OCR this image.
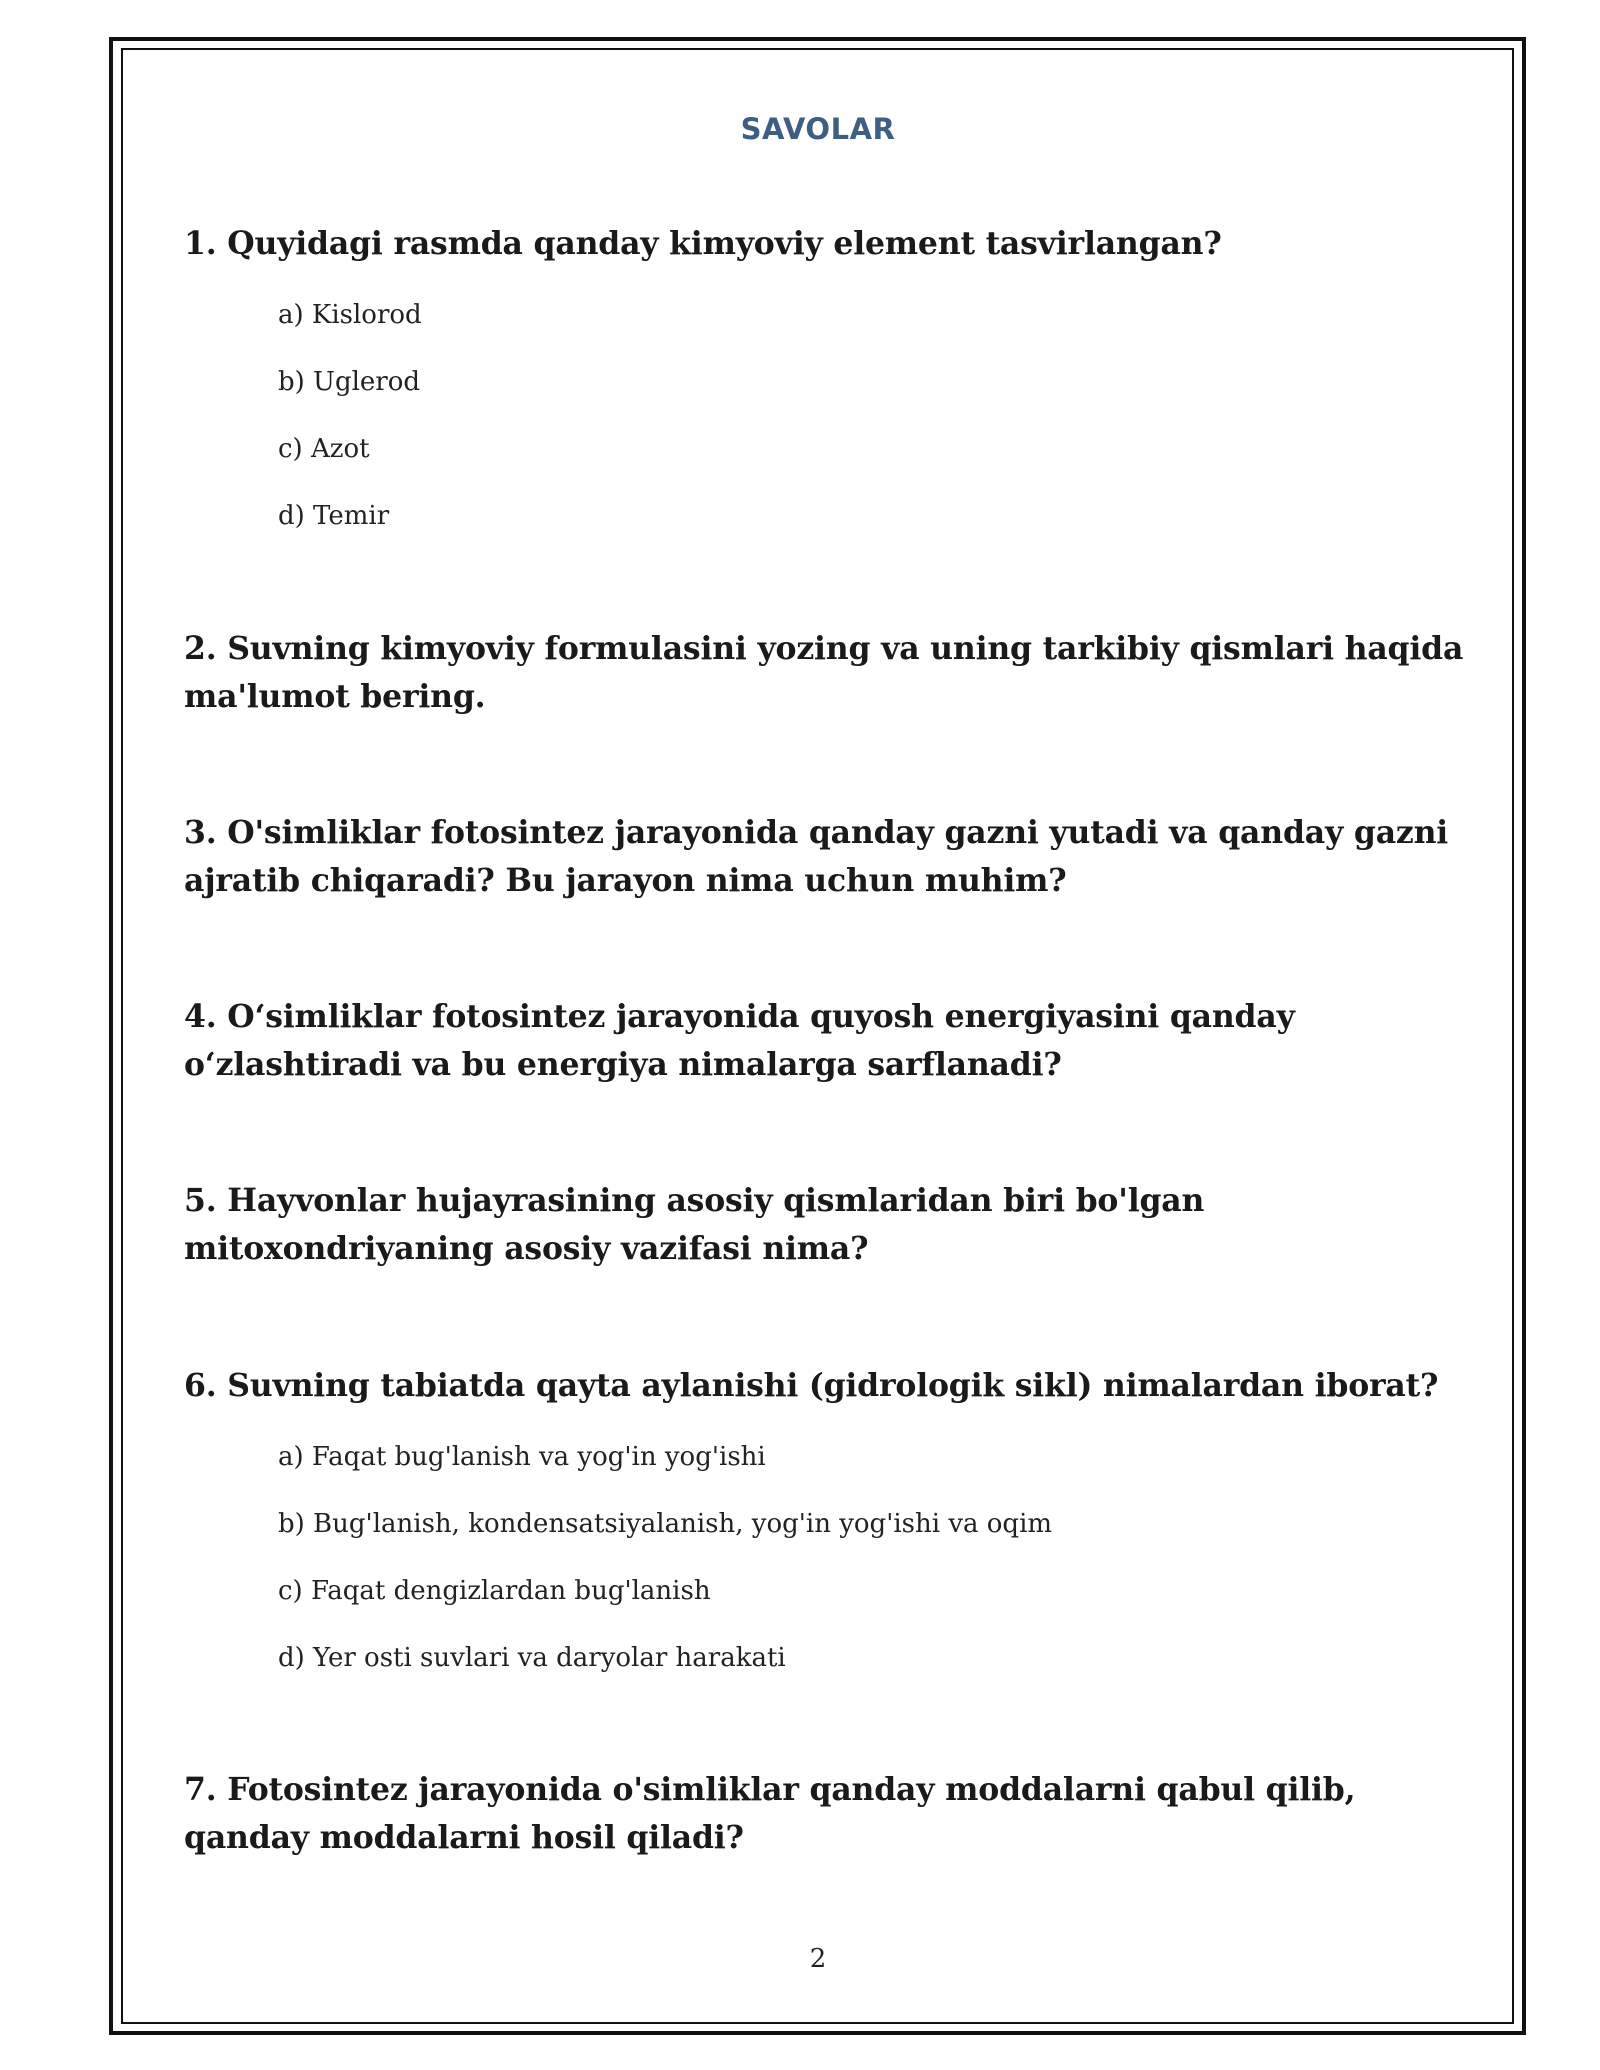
SAVOLAR
1. Quyidagi rasmda qanday kimyoviy element tasvirlangan?
a) Kislorod
b) Uglerod
c) Azot
d) Temir
2. Suvning kimyoviy formulasini yozing va uning tarkibiy qismlari haqida ma'lumot bering.
3. O'simliklar fotosintez jarayonida qanday gazni yutadi va qanday gazni ajratib chiqaradi? Bu jarayon nima uchun muhim?
4. O‘simliklar fotosintez jarayonida quyosh energiyasini qanday o‘zlashtiradi va bu energiya nimalarga sarflanadi?
5. Hayvonlar hujayrasining asosiy qismlaridan biri bo'lgan mitoxondriyaning asosiy vazifasi nima?
6. Suvning tabiatda qayta aylanishi (gidrologik sikl) nimalardan iborat?
a) Faqat bug'lanish va yog'in yog'ishi
b) Bug'lanish, kondensatsiyalanish, yog'in yog'ishi va oqim
c) Faqat dengizlardan bug'lanish
d) Yer osti suvlari va daryolar harakati
7. Fotosintez jarayonida o'simliklar qanday moddalarni qabul qilib, qanday moddalarni hosil qiladi?
2
